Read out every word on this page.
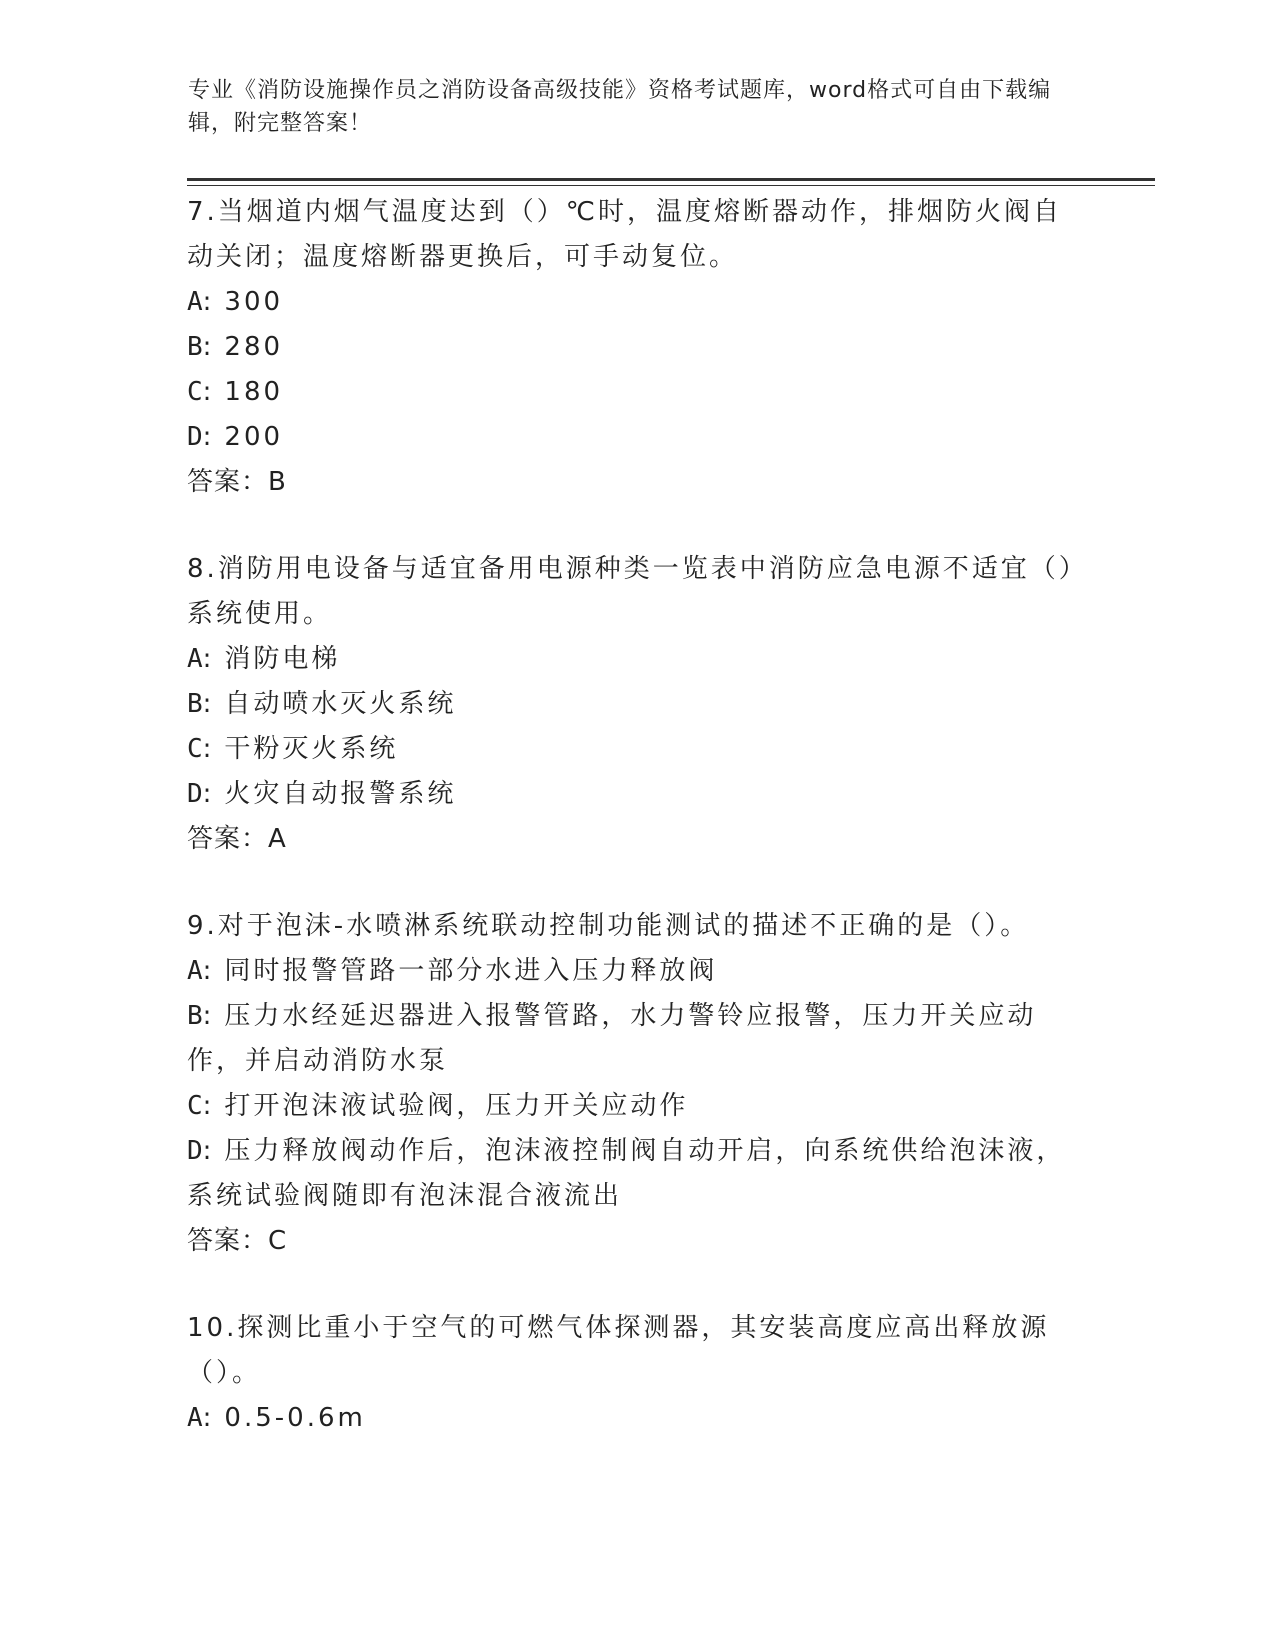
专业《消防设施操作员之消防设备高级技能》资格考试题库，word格式可自由下载编辑，附完整答案！

7.当烟道内烟气温度达到（）℃时，温度熔断器动作，排烟防火阀自动关闭；温度熔断器更换后，可手动复位。

A: 300

B: 280

C: 180

D: 200

答案：B

8.消防用电设备与适宜备用电源种类一览表中消防应急电源不适宜（）系统使用。

A: 消防电梯

B: 自动喷水灭火系统

C: 干粉灭火系统

D: 火灾自动报警系统

答案：A

9.对于泡沫-水喷淋系统联动控制功能测试的描述不正确的是（）。

A: 同时报警管路一部分水进入压力释放阀

B: 压力水经延迟器进入报警管路，水力警铃应报警，压力开关应动作，并启动消防水泵

C: 打开泡沫液试验阀，压力开关应动作

D: 压力释放阀动作后，泡沫液控制阀自动开启，向系统供给泡沫液，系统试验阀随即有泡沫混合液流出

答案：C

10.探测比重小于空气的可燃气体探测器，其安装高度应高出释放源（）。

A: 0.5-0.6m
